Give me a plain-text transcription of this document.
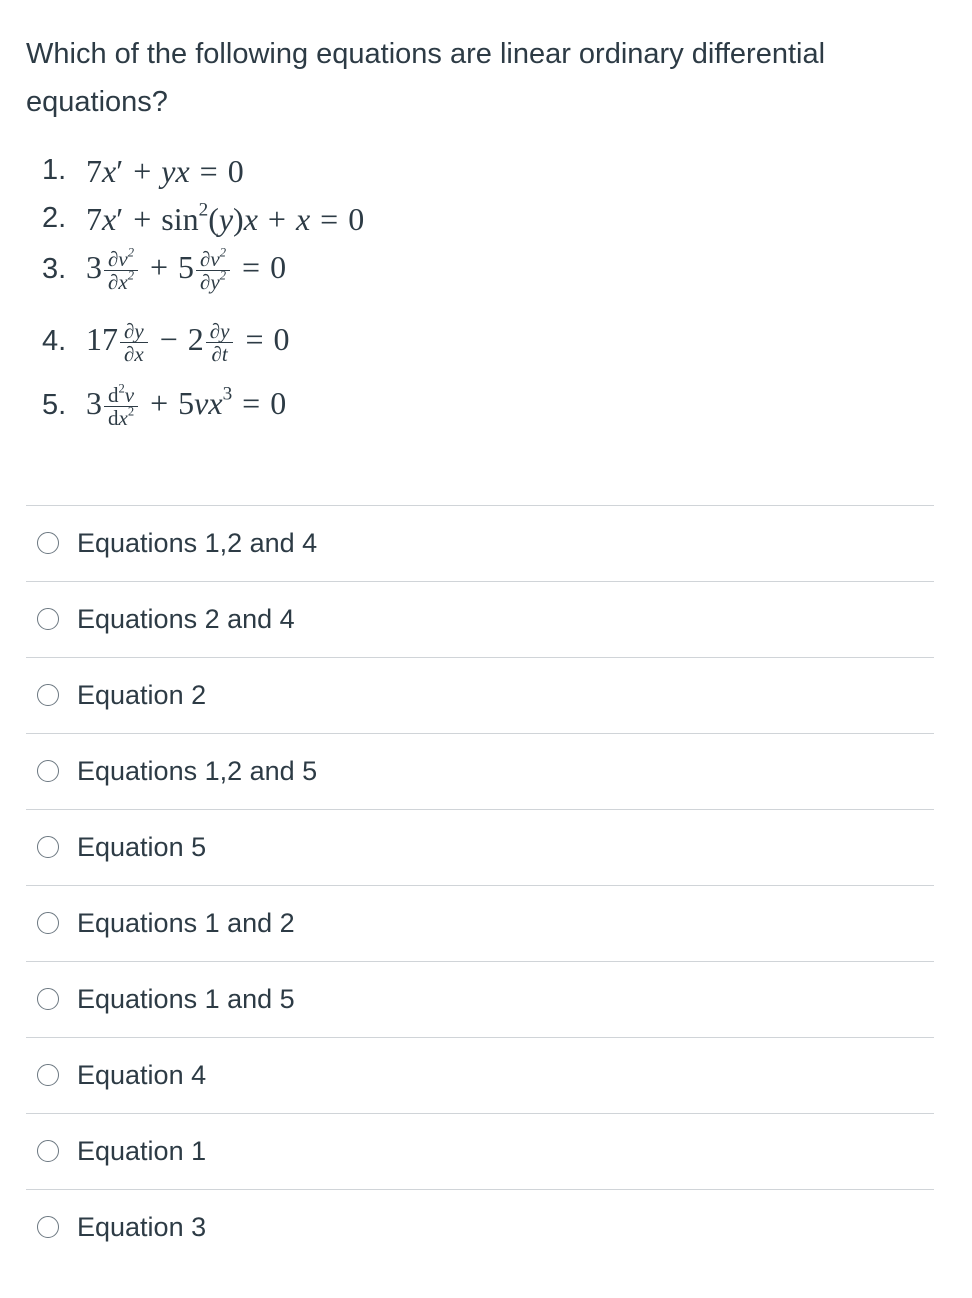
Which of the following equations are linear ordinary differential equations?
1. 7x′ + yx = 0
2. $7x' + \sin^2(y)x + x = 0$
3. $3 \frac{\partial v^2}{\partial x^2} + 5 \frac{\partial v^2}{\partial y^2} = 0$
4. $17 \frac{\partial y}{\partial x} - 2 \frac{\partial y}{\partial t} = 0$
5. $3 \frac{d^2v}{dx^2} + 5vx^3 = 0$
Equations 1,2 and 4
Equations 2 and 4
Equation 2
Equations 1,2 and 5
Equation 5
Equations 1 and 2
Equations 1 and 5
Equation 4
Equation 1
Equation 3
